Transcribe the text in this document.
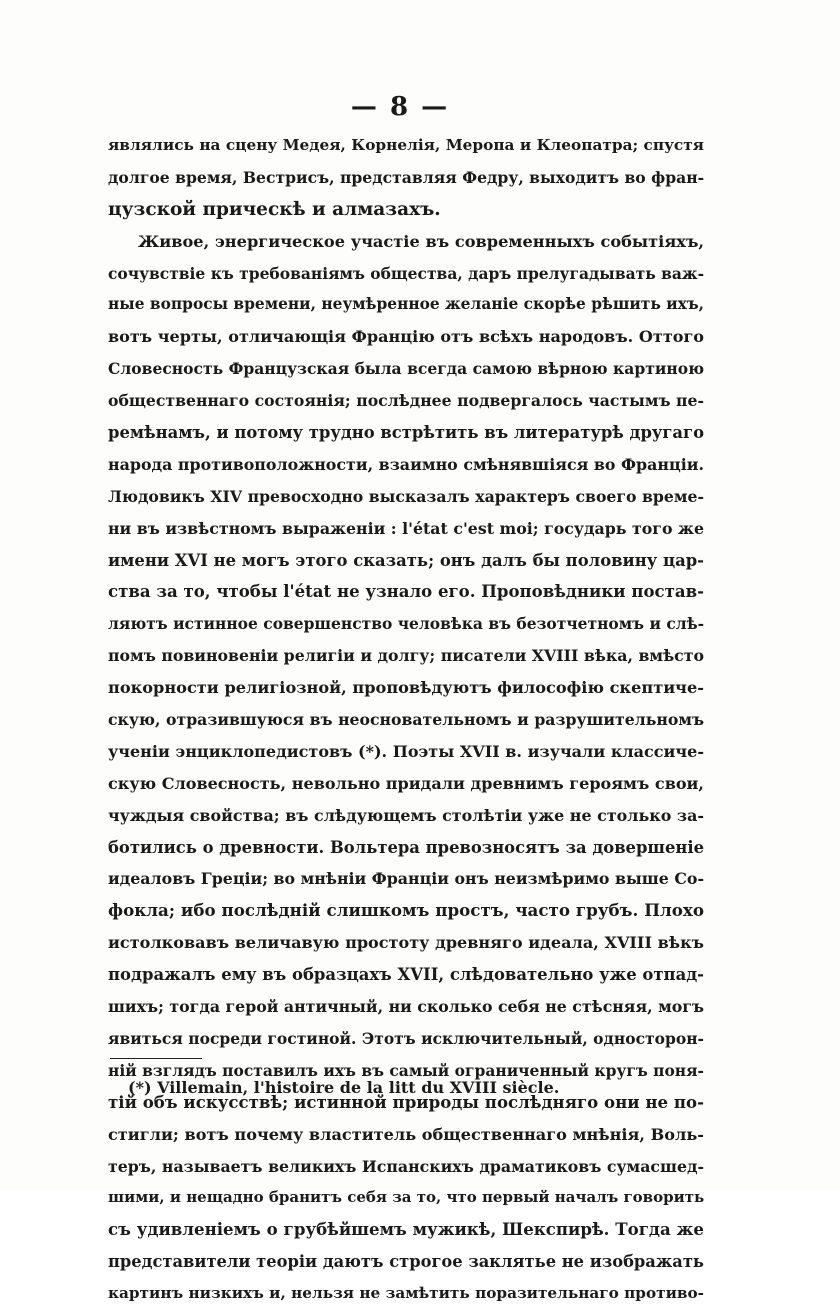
— 8 —
являлись на сцену Медея, Корнелія, Меропа и Клеопатра; спустя
долгое время, Вестрисъ, представляя Федру, выходитъ во фран-
цузской прическѣ и алмазахъ.
Живое, энергическое участіе въ современныхъ событіяхъ,
сочувствіе къ требованіямъ общества, даръ прелугадывать важ-
ные вопросы времени, неумѣренное желаніе скорѣе рѣшить ихъ,
вотъ черты, отличающія Францію отъ всѣхъ народовъ. Оттого
Словесность Французская была всегда самою вѣрною картиною
общественнаго состоянія; послѣднее подвергалось частымъ пе-
ремѣнамъ, и потому трудно встрѣтить въ литературѣ другаго
народа противоположности, взаимно смѣнявшіяся во Франціи.
Людовикъ XIV превосходно высказалъ характеръ своего време-
ни въ извѣстномъ выраженіи : l'état c'est moi; государь того же
имени XVI не могъ этого сказать; онъ далъ бы половину цар-
ства за то, чтобы l'état не узнало его. Проповѣдники постав-
ляютъ истинное совершенство человѣка въ безотчетномъ и слѣ-
помъ повиновеніи религіи и долгу; писатели XVIII вѣка, вмѣсто
покорности религіозной, проповѣдуютъ философію скептиче-
скую, отразившуюся въ неосновательномъ и разрушительномъ
ученіи энциклопедистовъ (*). Поэты XVII в. изучали классиче-
скую Словесность, невольно придали древнимъ героямъ свои,
чуждыя свойства; въ слѣдующемъ столѣтіи уже не столько за-
ботились о древности. Вольтера превозносятъ за довершеніе
идеаловъ Греціи; во мнѣніи Франціи онъ неизмѣримо выше Со-
фокла; ибо послѣдній слишкомъ простъ, часто грубъ. Плохо
истолковавъ величавую простоту древняго идеала, XVIII вѣкъ
подражалъ ему въ образцахъ XVII, слѣдовательно уже отпад-
шихъ; тогда герой античный, ни сколько себя не стѣсняя, могъ
явиться посреди гостиной. Этотъ исключительный, односторон-
ній взглядъ поставилъ ихъ въ самый ограниченный кругъ поня-
тій объ искусствѣ; истинной природы послѣдняго они не по-
стигли; вотъ почему властитель общественнаго мнѣнія, Воль-
теръ, называетъ великихъ Испанскихъ драматиковъ сумасшед-
шими, и нещадно бранитъ себя за то, что первый началъ говорить
съ удивленіемъ о грубѣйшемъ мужикѣ, Шекспирѣ. Тогда же
представители теоріи даютъ строгое заклятье не изображать
картинъ низкихъ и, нельзя не замѣтить поразительнаго противо-
(*) Villemain, l'histoire de la litt du XVIII siècle.
